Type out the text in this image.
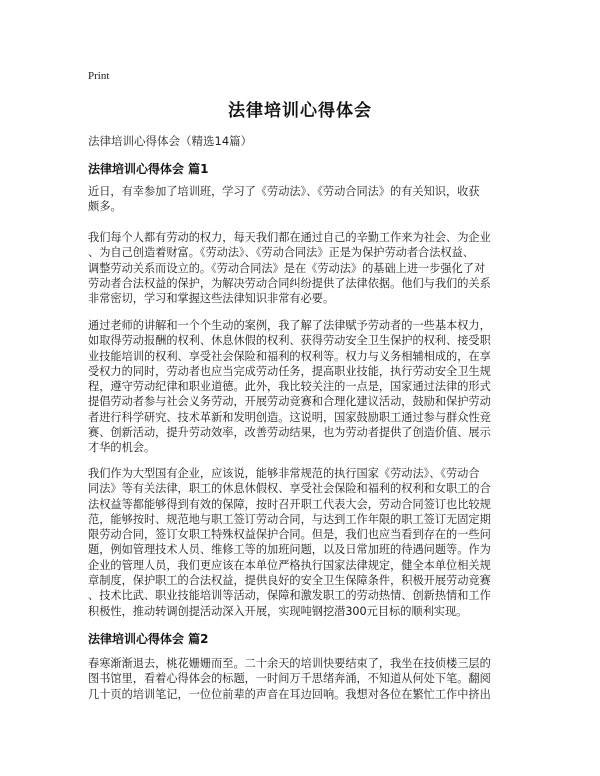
Print
法律培训心得体会
法律培训心得体会（精选14篇）
法律培训心得体会 篇1
近日，有幸参加了培训班，学习了《劳动法》、《劳动合同法》的有关知识，收获
颇多。
我们每个人都有劳动的权力，每天我们都在通过自己的辛勤工作来为社会、为企业
、为自己创造着财富。《劳动法》、《劳动合同法》正是为保护劳动者合法权益、
调整劳动关系而设立的。《劳动合同法》是在《劳动法》的基础上进一步强化了对
劳动者合法权益的保护，为解决劳动合同纠纷提供了法律依据。他们与我们的关系
非常密切，学习和掌握这些法律知识非常有必要。
通过老师的讲解和一个个生动的案例，我了解了法律赋予劳动者的一些基本权力，
如取得劳动报酬的权利、休息休假的权利、获得劳动安全卫生保护的权利、接受职
业技能培训的权利、享受社会保险和福利的权利等。权力与义务相辅相成的，在享
受权力的同时，劳动者也应当完成劳动任务，提高职业技能，执行劳动安全卫生规
程，遵守劳动纪律和职业道德。此外，我比较关注的一点是，国家通过法律的形式
提倡劳动者参与社会义务劳动，开展劳动竞赛和合理化建议活动，鼓励和保护劳动
者进行科学研究、技术革新和发明创造。这说明，国家鼓励职工通过参与群众性竞
赛、创新活动，提升劳动效率，改善劳动结果，也为劳动者提供了创造价值、展示
才华的机会。
我们作为大型国有企业，应该说，能够非常规范的执行国家《劳动法》、《劳动合
同法》等有关法律，职工的休息休假权、享受社会保险和福利的权利和女职工的合
法权益等都能够得到有效的保障，按时召开职工代表大会，劳动合同签订也比较规
范，能够按时、规范地与职工签订劳动合同，与达到工作年限的职工签订无固定期
限劳动合同，签订女职工特殊权益保护合同。但是，我们也应当看到存在的一些问
题，例如管理技术人员、维修工等的加班问题，以及日常加班的待遇问题等。作为
企业的管理人员，我们更应该在本单位严格执行国家法律规定，健全本单位相关规
章制度，保护职工的合法权益，提供良好的安全卫生保障条件，积极开展劳动竞赛
、技术比武、职业技能培训等活动，保障和激发职工的劳动热情、创新热情和工作
积极性，推动转调创提活动深入开展，实现吨钢挖潜300元目标的顺利实现。
法律培训心得体会 篇2
春寒渐渐退去，桃花姗姗而至。二十余天的培训快要结束了，我坐在技侦楼三层的
图书馆里，看着心得体会的标题，一时间万千思绪奔涌，不知道从何处下笔。翻阅
几十页的培训笔记，一位位前辈的声音在耳边回响。我想对各位在繁忙工作中挤出
